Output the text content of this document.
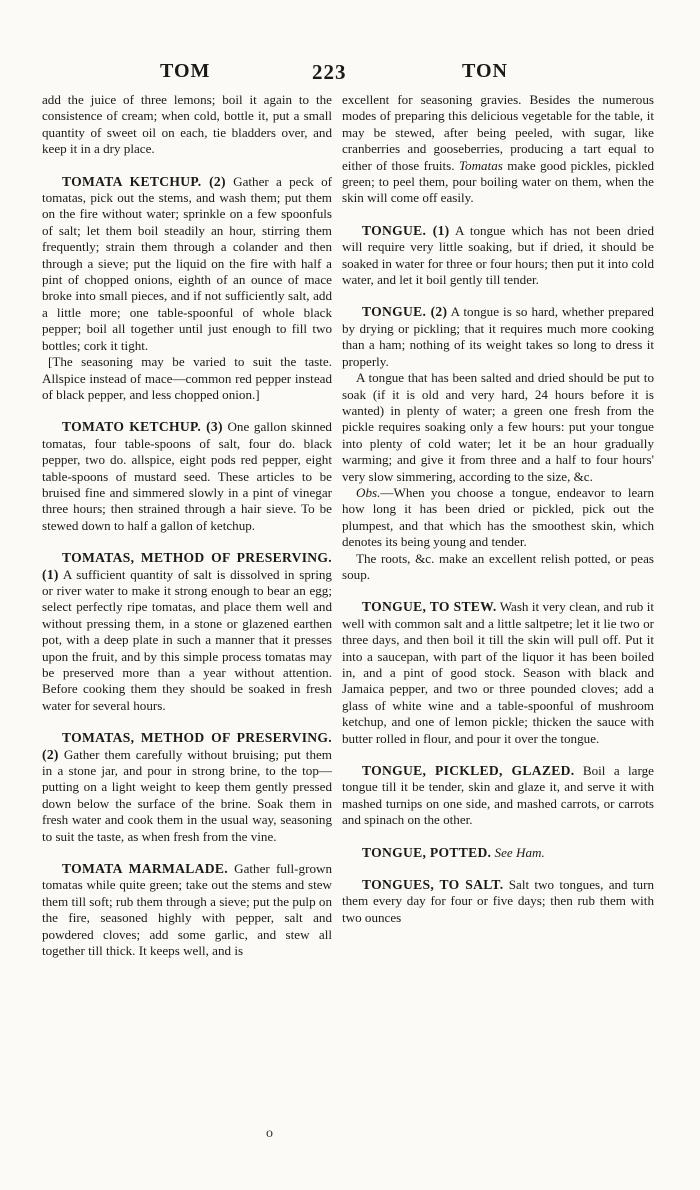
TOM	223	TON

add the juice of three lemons; boil it again to the consistence of cream; when cold, bottle it, put a small quantity of sweet oil on each, tie bladders over, and keep it in a dry place.

TOMATA KETCHUP. (2) Gather a peck of tomatas, pick out the stems, and wash them; put them on the fire without water; sprinkle on a few spoonfuls of salt; let them boil steadily an hour, stirring them frequently; strain them through a colander and then through a sieve; put the liquid on the fire with half a pint of chopped onions, eighth of an ounce of mace broke into small pieces, and if not sufficiently salt, add a little more; one table-spoonful of whole black pepper; boil all together until just enough to fill two bottles; cork it tight.

[The seasoning may be varied to suit the taste. Allspice instead of mace—common red pepper instead of black pepper, and less chopped onion.]

TOMATO KETCHUP. (3) One gallon skinned tomatas, four table-spoons of salt, four do. black pepper, two do. allspice, eight pods red pepper, eight table-spoons of mustard seed. These articles to be bruised fine and simmered slowly in a pint of vinegar three hours; then strained through a hair sieve. To be stewed down to half a gallon of ketchup.

TOMATAS, METHOD OF PRESERVING. (1) A sufficient quantity of salt is dissolved in spring or river water to make it strong enough to bear an egg; select perfectly ripe tomatas, and place them well and without pressing them, in a stone or glazened earthen pot, with a deep plate in such a manner that it presses upon the fruit, and by this simple process tomatas may be preserved more than a year without attention. Before cooking them they should be soaked in fresh water for several hours.

TOMATAS, METHOD OF PRESERVING. (2) Gather them carefully without bruising; put them in a stone jar, and pour in strong brine, to the top—putting on a light weight to keep them gently pressed down below the surface of the brine. Soak them in fresh water and cook them in the usual way, seasoning to suit the taste, as when fresh from the vine.

TOMATA MARMALADE. Gather full-grown tomatas while quite green; take out the stems and stew them till soft; rub them through a sieve; put the pulp on the fire, seasoned highly with pepper, salt and powdered cloves; add some garlic, and stew all together till thick. It keeps well, and is

excellent for seasoning gravies. Besides the numerous modes of preparing this delicious vegetable for the table, it may be stewed, after being peeled, with sugar, like cranberries and gooseberries, producing a tart equal to either of those fruits. Tomatas make good pickles, pickled green; to peel them, pour boiling water on them, when the skin will come off easily.

TONGUE. (1) A tongue which has not been dried will require very little soaking, but if dried, it should be soaked in water for three or four hours; then put it into cold water, and let it boil gently till tender.

TONGUE. (2) A tongue is so hard, whether prepared by drying or pickling; that it requires much more cooking than a ham; nothing of its weight takes so long to dress it properly.

A tongue that has been salted and dried should be put to soak (if it is old and very hard, 24 hours before it is wanted) in plenty of water; a green one fresh from the pickle requires soaking only a few hours: put your tongue into plenty of cold water; let it be an hour gradually warming; and give it from three and a half to four hours' very slow simmering, according to the size, &c.

Obs.—When you choose a tongue, endeavor to learn how long it has been dried or pickled, pick out the plumpest, and that which has the smoothest skin, which denotes its being young and tender.

The roots, &c. make an excellent relish potted, or peas soup.

TONGUE, TO STEW. Wash it very clean, and rub it well with common salt and a little saltpetre; let it lie two or three days, and then boil it till the skin will pull off. Put it into a saucepan, with part of the liquor it has been boiled in, and a pint of good stock. Season with black and Jamaica pepper, and two or three pounded cloves; add a glass of white wine and a table-spoonful of mushroom ketchup, and one of lemon pickle; thicken the sauce with butter rolled in flour, and pour it over the tongue.

TONGUE, PICKLED, GLAZED. Boil a large tongue till it be tender, skin and glaze it, and serve it with mashed turnips on one side, and mashed carrots, or carrots and spinach on the other.

TONGUE, POTTED. See Ham.

TONGUES, TO SALT. Salt two tongues, and turn them every day for four or five days; then rub them with two ounces

o
